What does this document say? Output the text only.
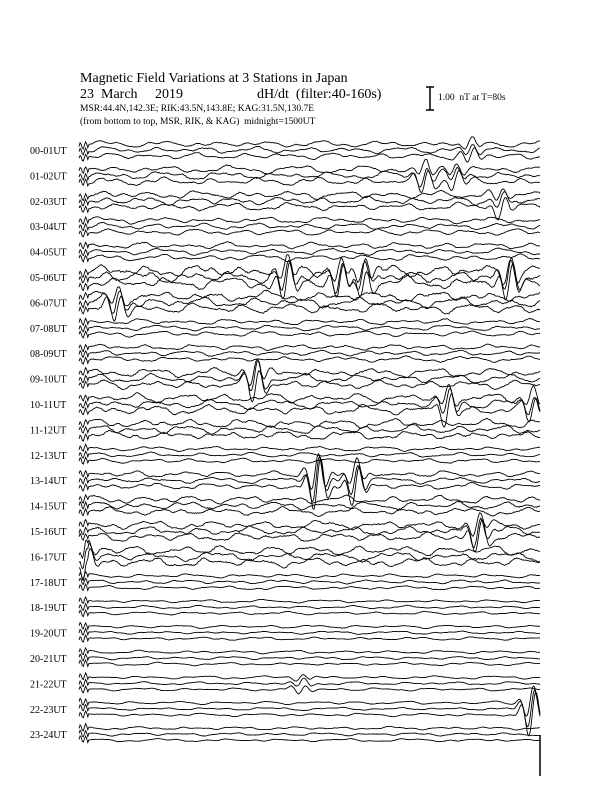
Magnetic Field Variations at 3 Stations in Japan
23  March     2019	dH/dt  (filter:40-160s)
MSR:44.4N,142.3E; RIK:43.5N,143.8E; KAG:31.5N,130.7E
(from bottom to top, MSR, RIK, & KAG)  midnight=1500UT
1.00  nT at T=80s
00-01UT
01-02UT
02-03UT
03-04UT
04-05UT
05-06UT
06-07UT
07-08UT
08-09UT
09-10UT
10-11UT
11-12UT
12-13UT
13-14UT
14-15UT
15-16UT
16-17UT
17-18UT
18-19UT
19-20UT
20-21UT
21-22UT
22-23UT
23-24UT
